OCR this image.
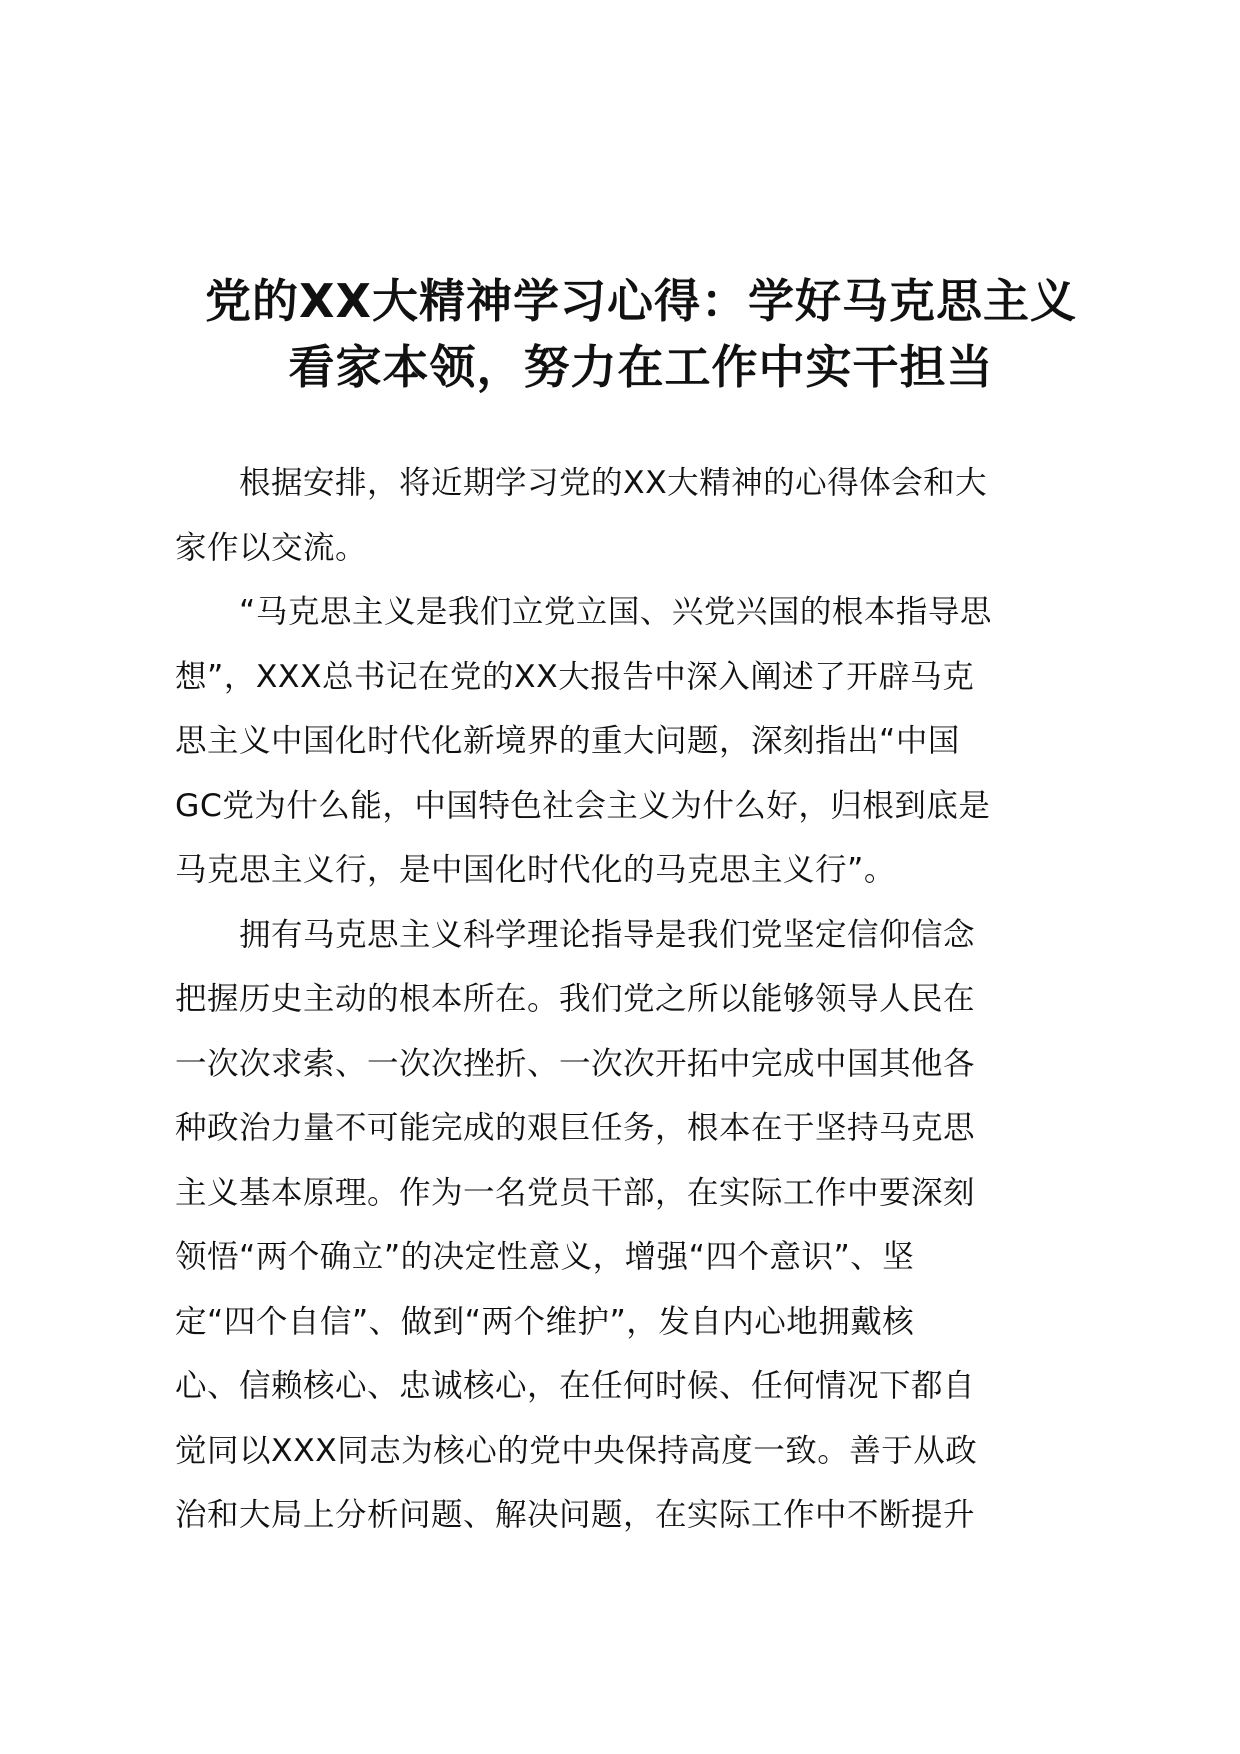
党的XX大精神学习心得：学好马克思主义
看家本领，努力在工作中实干担当

根据安排，将近期学习党的XX大精神的心得体会和大
家作以交流。

“马克思主义是我们立党立国、兴党兴国的根本指导思
想”，XXX总书记在党的XX大报告中深入阐述了开辟马克
思主义中国化时代化新境界的重大问题，深刻指出“中国
GC党为什么能，中国特色社会主义为什么好，归根到底是
马克思主义行，是中国化时代化的马克思主义行”。

拥有马克思主义科学理论指导是我们党坚定信仰信念
把握历史主动的根本所在。我们党之所以能够领导人民在
一次次求索、一次次挫折、一次次开拓中完成中国其他各
种政治力量不可能完成的艰巨任务，根本在于坚持马克思
主义基本原理。作为一名党员干部，在实际工作中要深刻
领悟“两个确立”的决定性意义，增强“四个意识”、坚
定“四个自信”、做到“两个维护”，发自内心地拥戴核
心、信赖核心、忠诚核心，在任何时候、任何情况下都自
觉同以XXX同志为核心的党中央保持高度一致。善于从政
治和大局上分析问题、解决问题，在实际工作中不断提升
